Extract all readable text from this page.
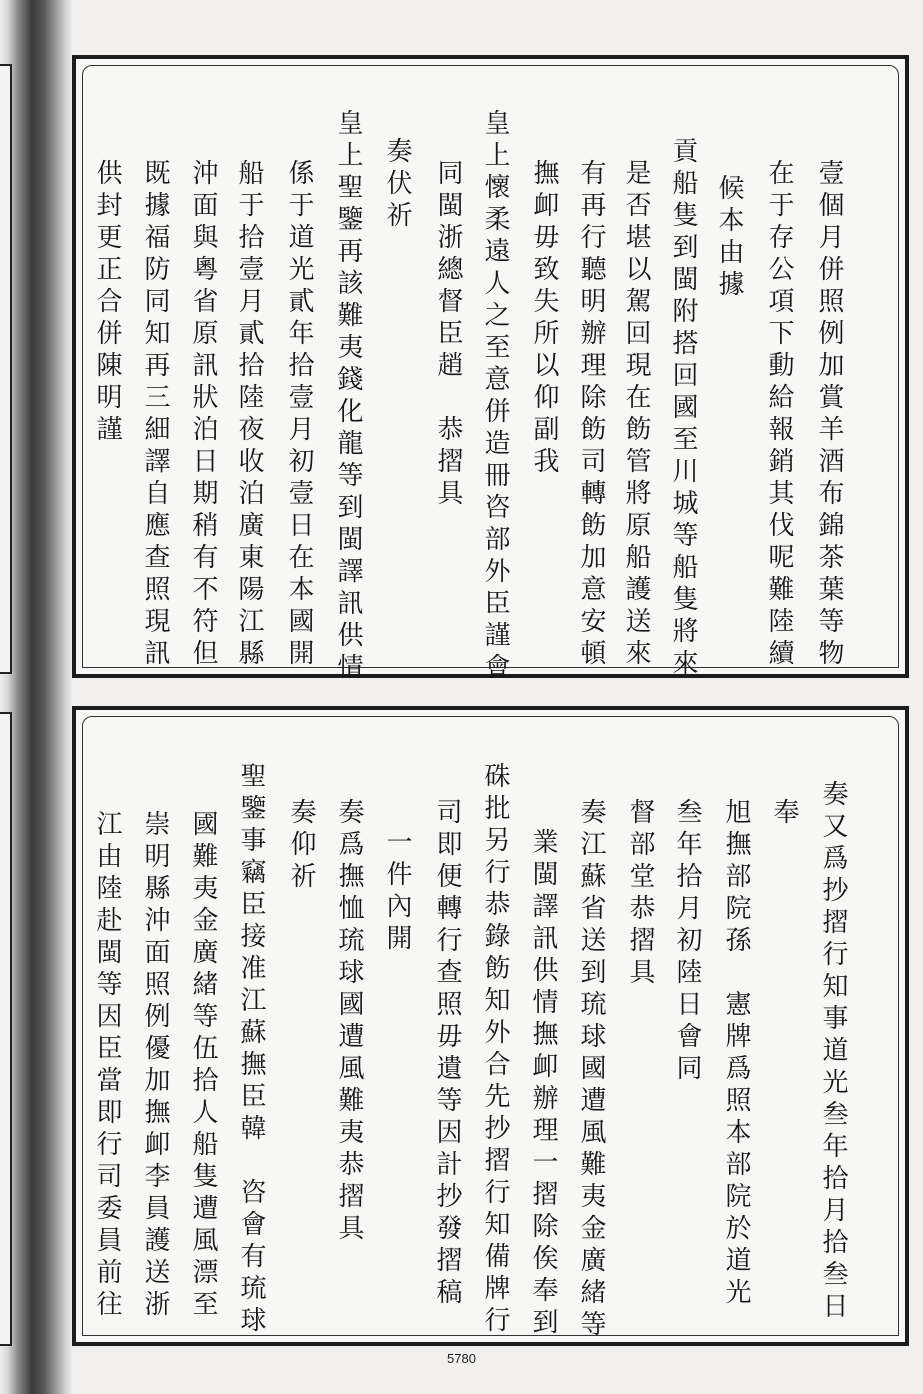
壹個月併照例加賞羊酒布錦茶葉等物
在于存公項下動給報銷其伐呢難陸續
候本由據
貢船隻到閩附搭回國至川城等船隻將來
是否堪以駕回現在飭管將原船護送來
有再行聽明辦理除飭司轉飭加意安頓
撫卹毋致失所以仰副我
皇上懷柔遠人之至意併造冊咨部外臣謹會
同閩浙總督臣趙　恭摺具
奏伏祈
皇上聖鑒再該難夷錢化龍等到閩譯訊供情
係于道光貳年拾壹月初壹日在本國開
船于拾壹月貳拾陸夜收泊廣東陽江縣
沖面與粵省原訊狀泊日期稍有不符但
既據福防同知再三細譯自應查照現訊
供封更正合併陳明謹
奏又爲抄摺行知事道光叁年拾月拾叁日
奉
旭撫部院孫　憲牌爲照本部院於道光
叁年拾月初陸日會同
督部堂恭摺具
奏江蘇省送到琉球國遭風難夷金廣緒等
業閩譯訊供情撫卹辦理一摺除俟奉到
硃批另行恭錄飭知外合先抄摺行知備牌行
司即便轉行查照毋遺等因計抄發摺稿
一件內開
奏爲撫恤琉球國遭風難夷恭摺具
奏仰祈
聖鑒事竊臣接准江蘇撫臣韓　咨會有琉球
國難夷金廣緒等伍拾人船隻遭風漂至
崇明縣沖面照例優加撫卹李員護送浙
江由陸赴閩等因臣當即行司委員前往
5780
